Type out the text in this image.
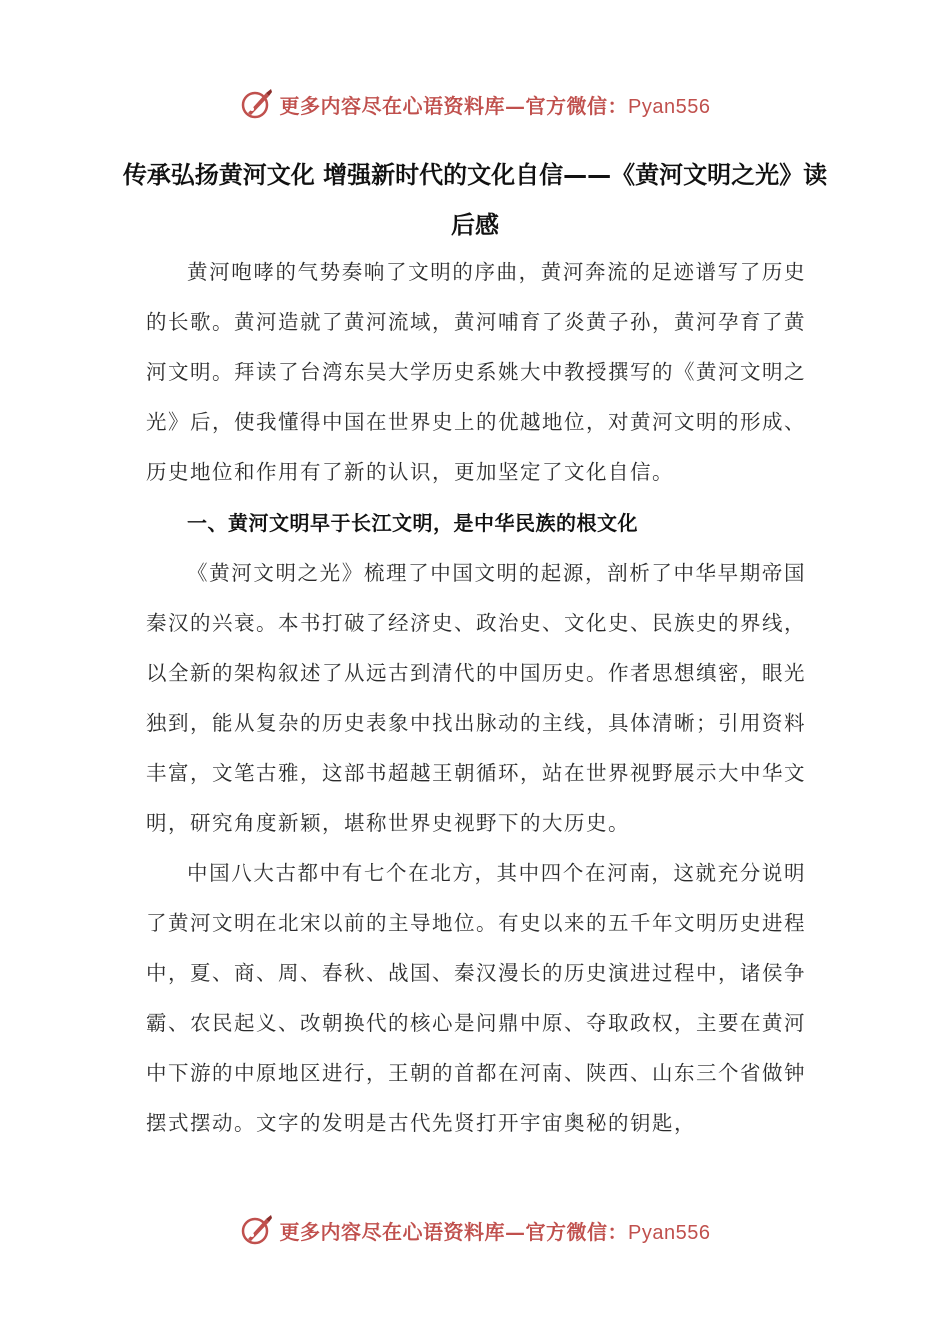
更多内容尽在心语资料库—官方微信：Pyan556
传承弘扬黄河文化 增强新时代的文化自信——《黄河文明之光》读后感

黄河咆哮的气势奏响了文明的序曲，黄河奔流的足迹谱写了历史的长歌。黄河造就了黄河流域，黄河哺育了炎黄子孙，黄河孕育了黄河文明。拜读了台湾东吴大学历史系姚大中教授撰写的《黄河文明之光》后，使我懂得中国在世界史上的优越地位，对黄河文明的形成、历史地位和作用有了新的认识，更加坚定了文化自信。

一、黄河文明早于长江文明，是中华民族的根文化

《黄河文明之光》梳理了中国文明的起源，剖析了中华早期帝国秦汉的兴衰。本书打破了经济史、政治史、文化史、民族史的界线，以全新的架构叙述了从远古到清代的中国历史。作者思想缜密，眼光独到，能从复杂的历史表象中找出脉动的主线，具体清晰；引用资料丰富，文笔古雅，这部书超越王朝循环，站在世界视野展示大中华文明，研究角度新颖，堪称世界史视野下的大历史。

中国八大古都中有七个在北方，其中四个在河南，这就充分说明了黄河文明在北宋以前的主导地位。有史以来的五千年文明历史进程中，夏、商、周、春秋、战国、秦汉漫长的历史演进过程中，诸侯争霸、农民起义、改朝换代的核心是问鼎中原、夺取政权，主要在黄河中下游的中原地区进行，王朝的首都在河南、陕西、山东三个省做钟摆式摆动。文字的发明是古代先贤打开宇宙奥秘的钥匙，

更多内容尽在心语资料库—官方微信：Pyan556
